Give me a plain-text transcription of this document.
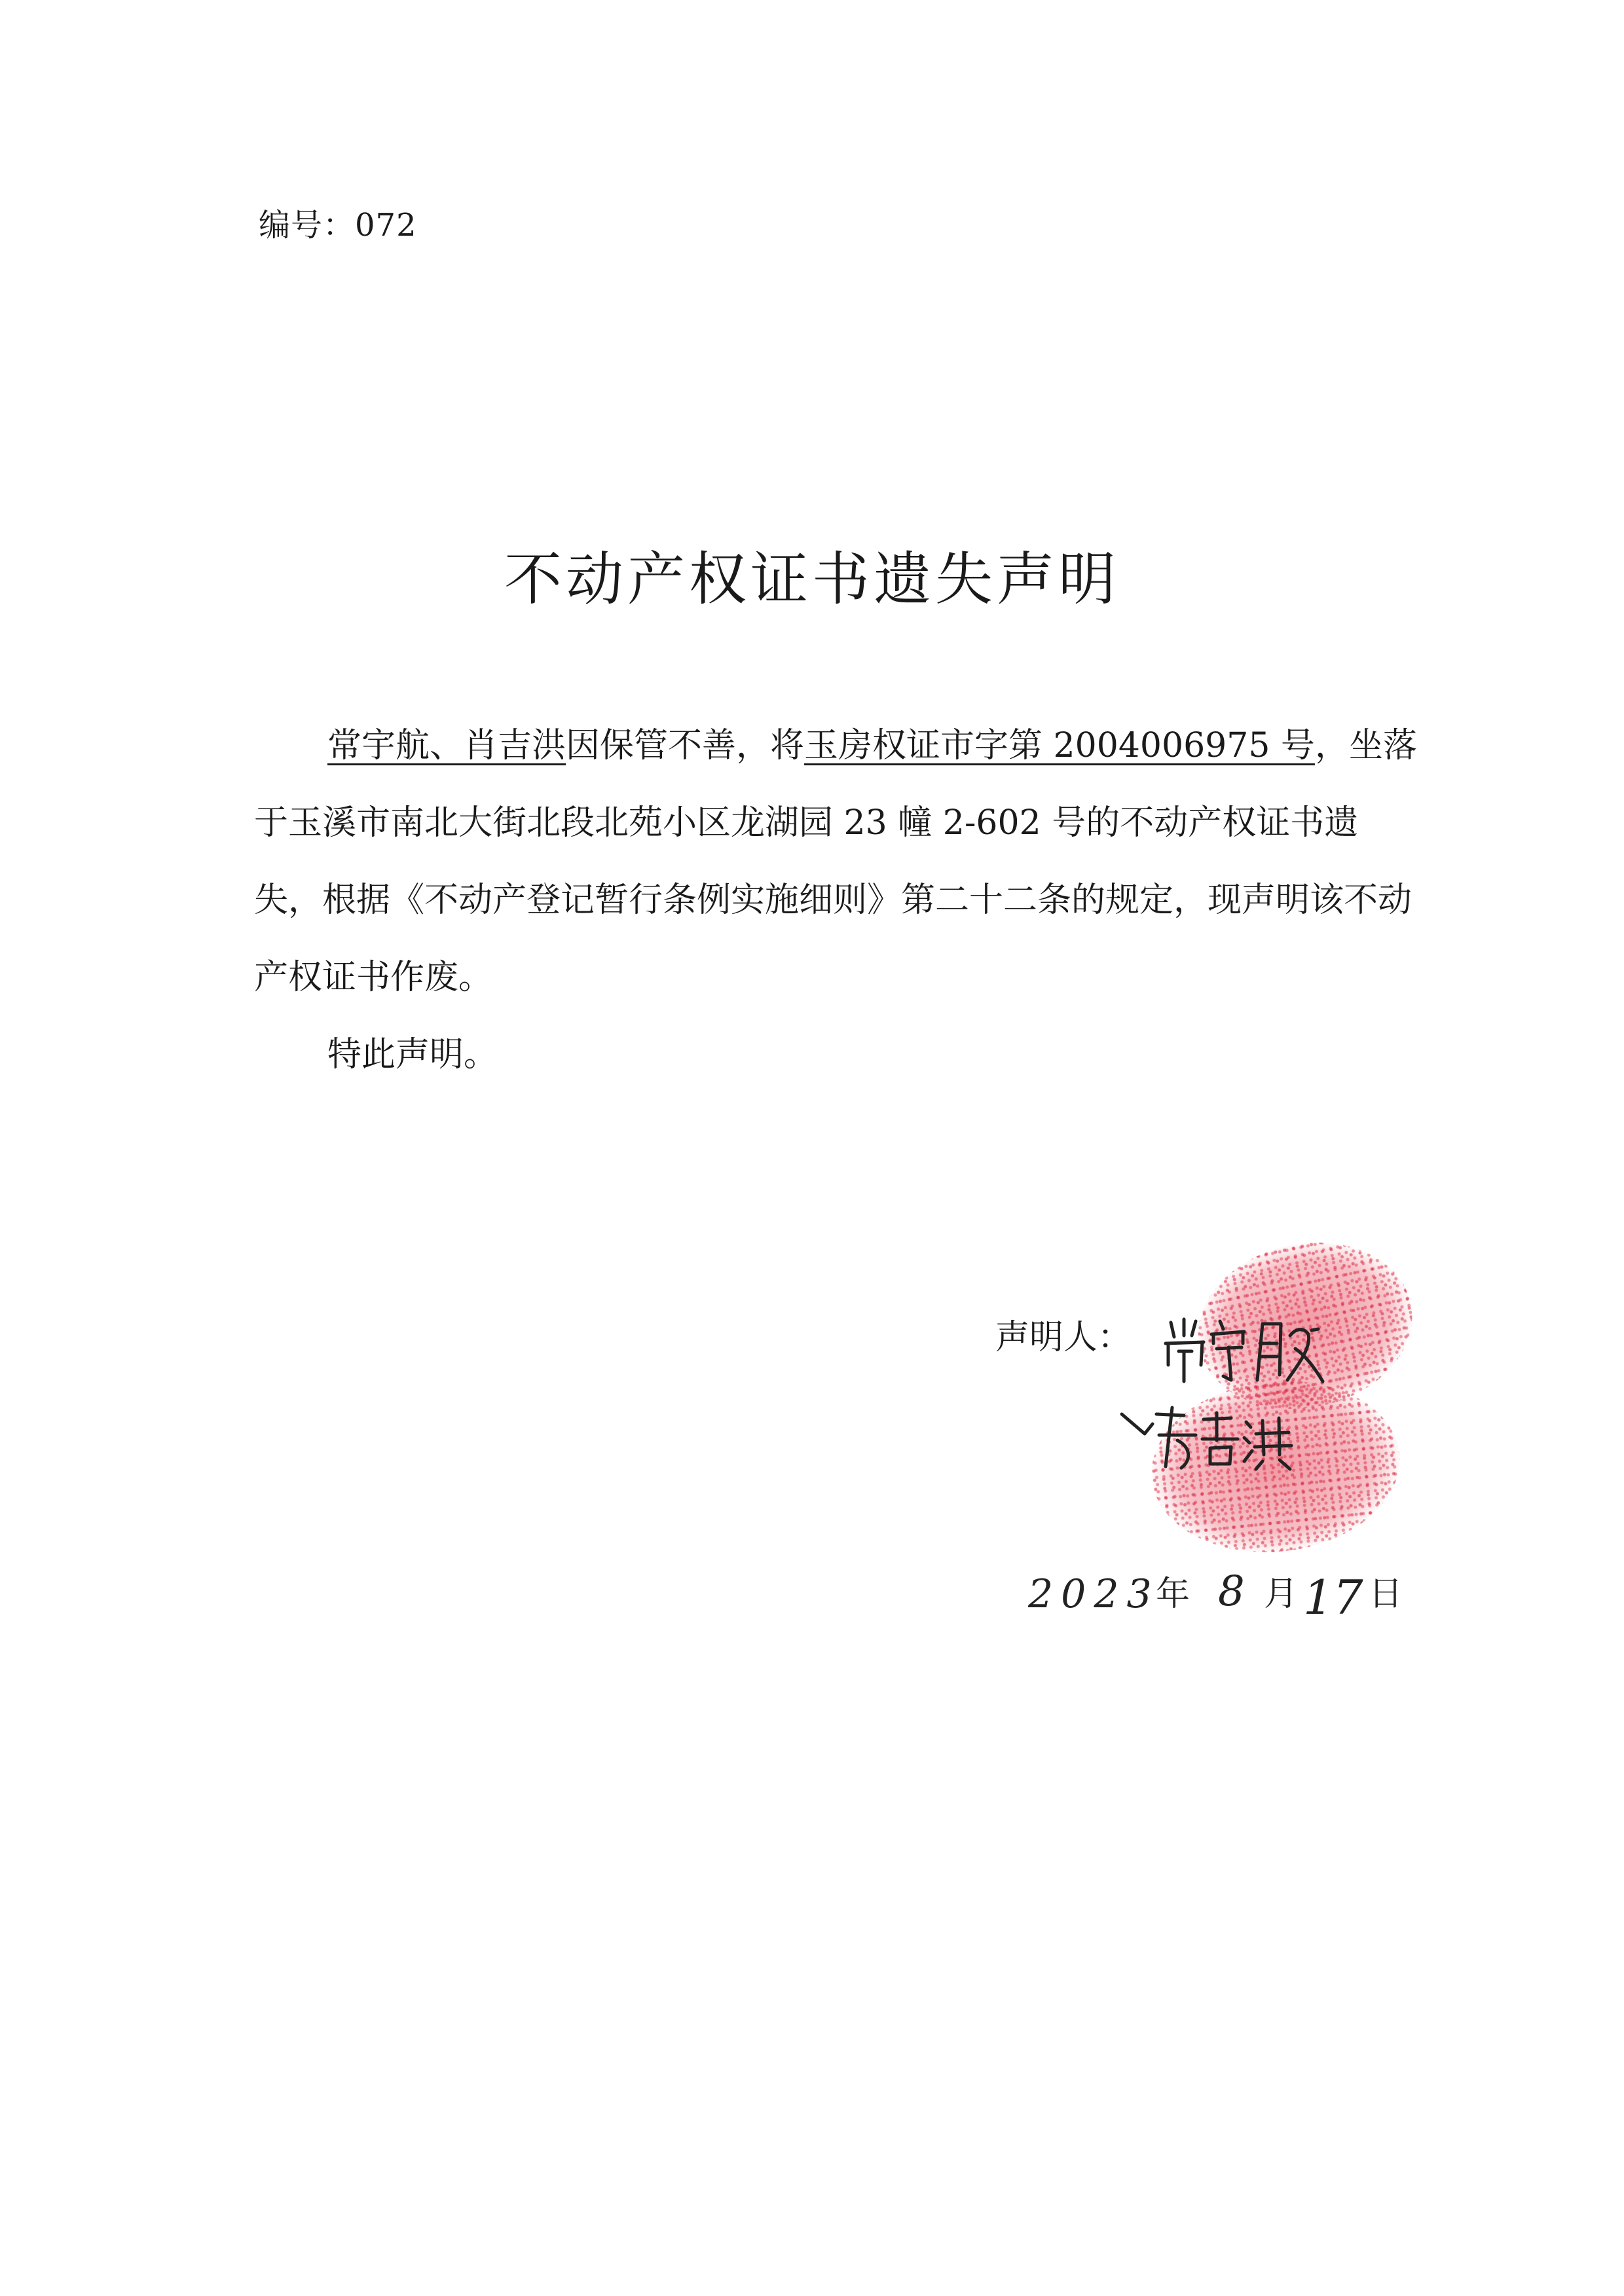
编号：072
不动产权证书遗失声明

常宇航、肖吉洪因保管不善，将玉房权证市字第 2004006975 号，坐落于玉溪市南北大街北段北苑小区龙湖园 23 幢 2-602 号的不动产权证书遗失，根据《不动产登记暂行条例实施细则》第二十二条的规定，现声明该不动产权证书作废。

特此声明。

声明人：
2023
年 8 月 17 日
